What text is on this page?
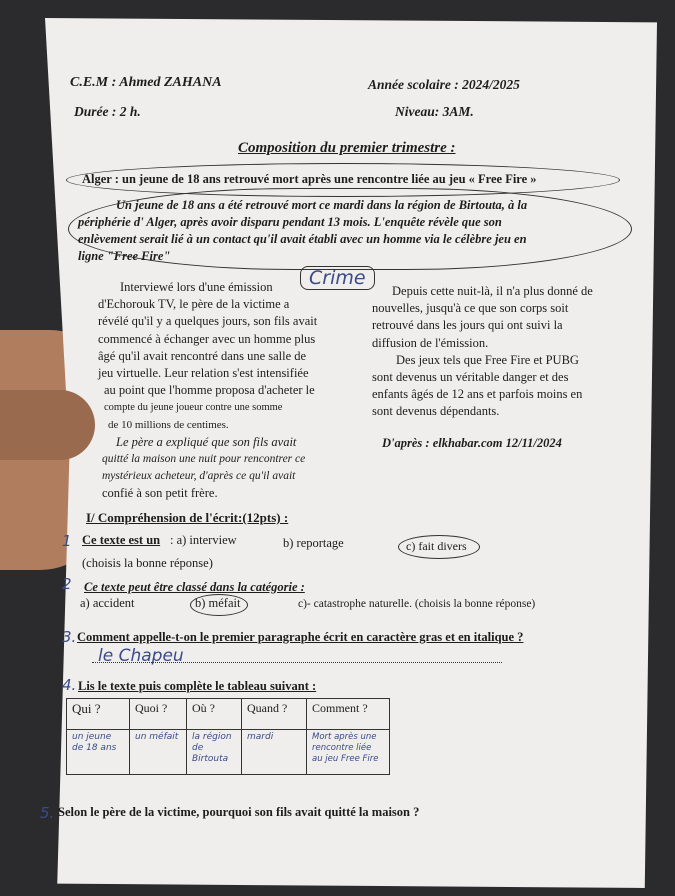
C.E.M : Ahmed ZAHANA	Année scolaire : 2024/2025
Durée : 2 h.	Niveau: 3AM.
Composition du premier trimestre :
Alger : un jeune de 18 ans retrouvé mort après une rencontre liée au jeu « Free Fire »
Un jeune de 18 ans a été retrouvé mort ce mardi dans la région de Birtouta, à la
périphérie d' Alger, après avoir disparu pendant 13 mois. L'enquête révèle que son
enlèvement serait lié à un contact qu'il avait établi avec un homme via le célèbre jeu en
ligne "Free Fire"
Interviewé lors d'une émission
d'Echorouk TV, le père de la victime a
révélé qu'il y a quelques jours, son fils avait
commencé à échanger avec un homme plus
âgé qu'il avait rencontré dans une salle de
jeu virtuelle. Leur relation s'est intensifiée
au point que l'homme proposa d'acheter le
compte du jeune joueur contre une somme
de 10 millions de centimes.
Le père a expliqué que son fils avait
quitté la maison une nuit pour rencontrer ce
mystérieux acheteur, d'après ce qu'il avait
confié à son petit frère.
Crime
Depuis cette nuit-là, il n'a plus donné de
nouvelles, jusqu'à ce que son corps soit
retrouvé dans les jours qui ont suivi la
diffusion de l'émission.
Des jeux tels que Free Fire et PUBG
sont devenus un véritable danger et des
enfants âgés de 12 ans et parfois moins en
sont devenus dépendants.
D'après : elkhabar.com 12/11/2024
I/ Compréhension de l'écrit:(12pts) :
1 Ce texte est un : a) interview	b) reportage	c) fait divers
(choisis la bonne réponse)
2 Ce texte peut être classé dans la catégorie :
a) accident	b) méfait	c)- catastrophe naturelle. (choisis la bonne réponse)
3. Comment appelle-t-on le premier paragraphe écrit en caractère gras et en italique ?
le Chapeu
4. Lis le texte puis complète le tableau suivant :
Qui ?	Quoi ?	Où ?	Quand ?	Comment ?
un jeune de 18 ans	un méfait	la région de Birtouta	mardi	Mort après une rencontre liée au jeu Free Fire
5. Selon le père de la victime, pourquoi son fils avait quitté la maison ?
